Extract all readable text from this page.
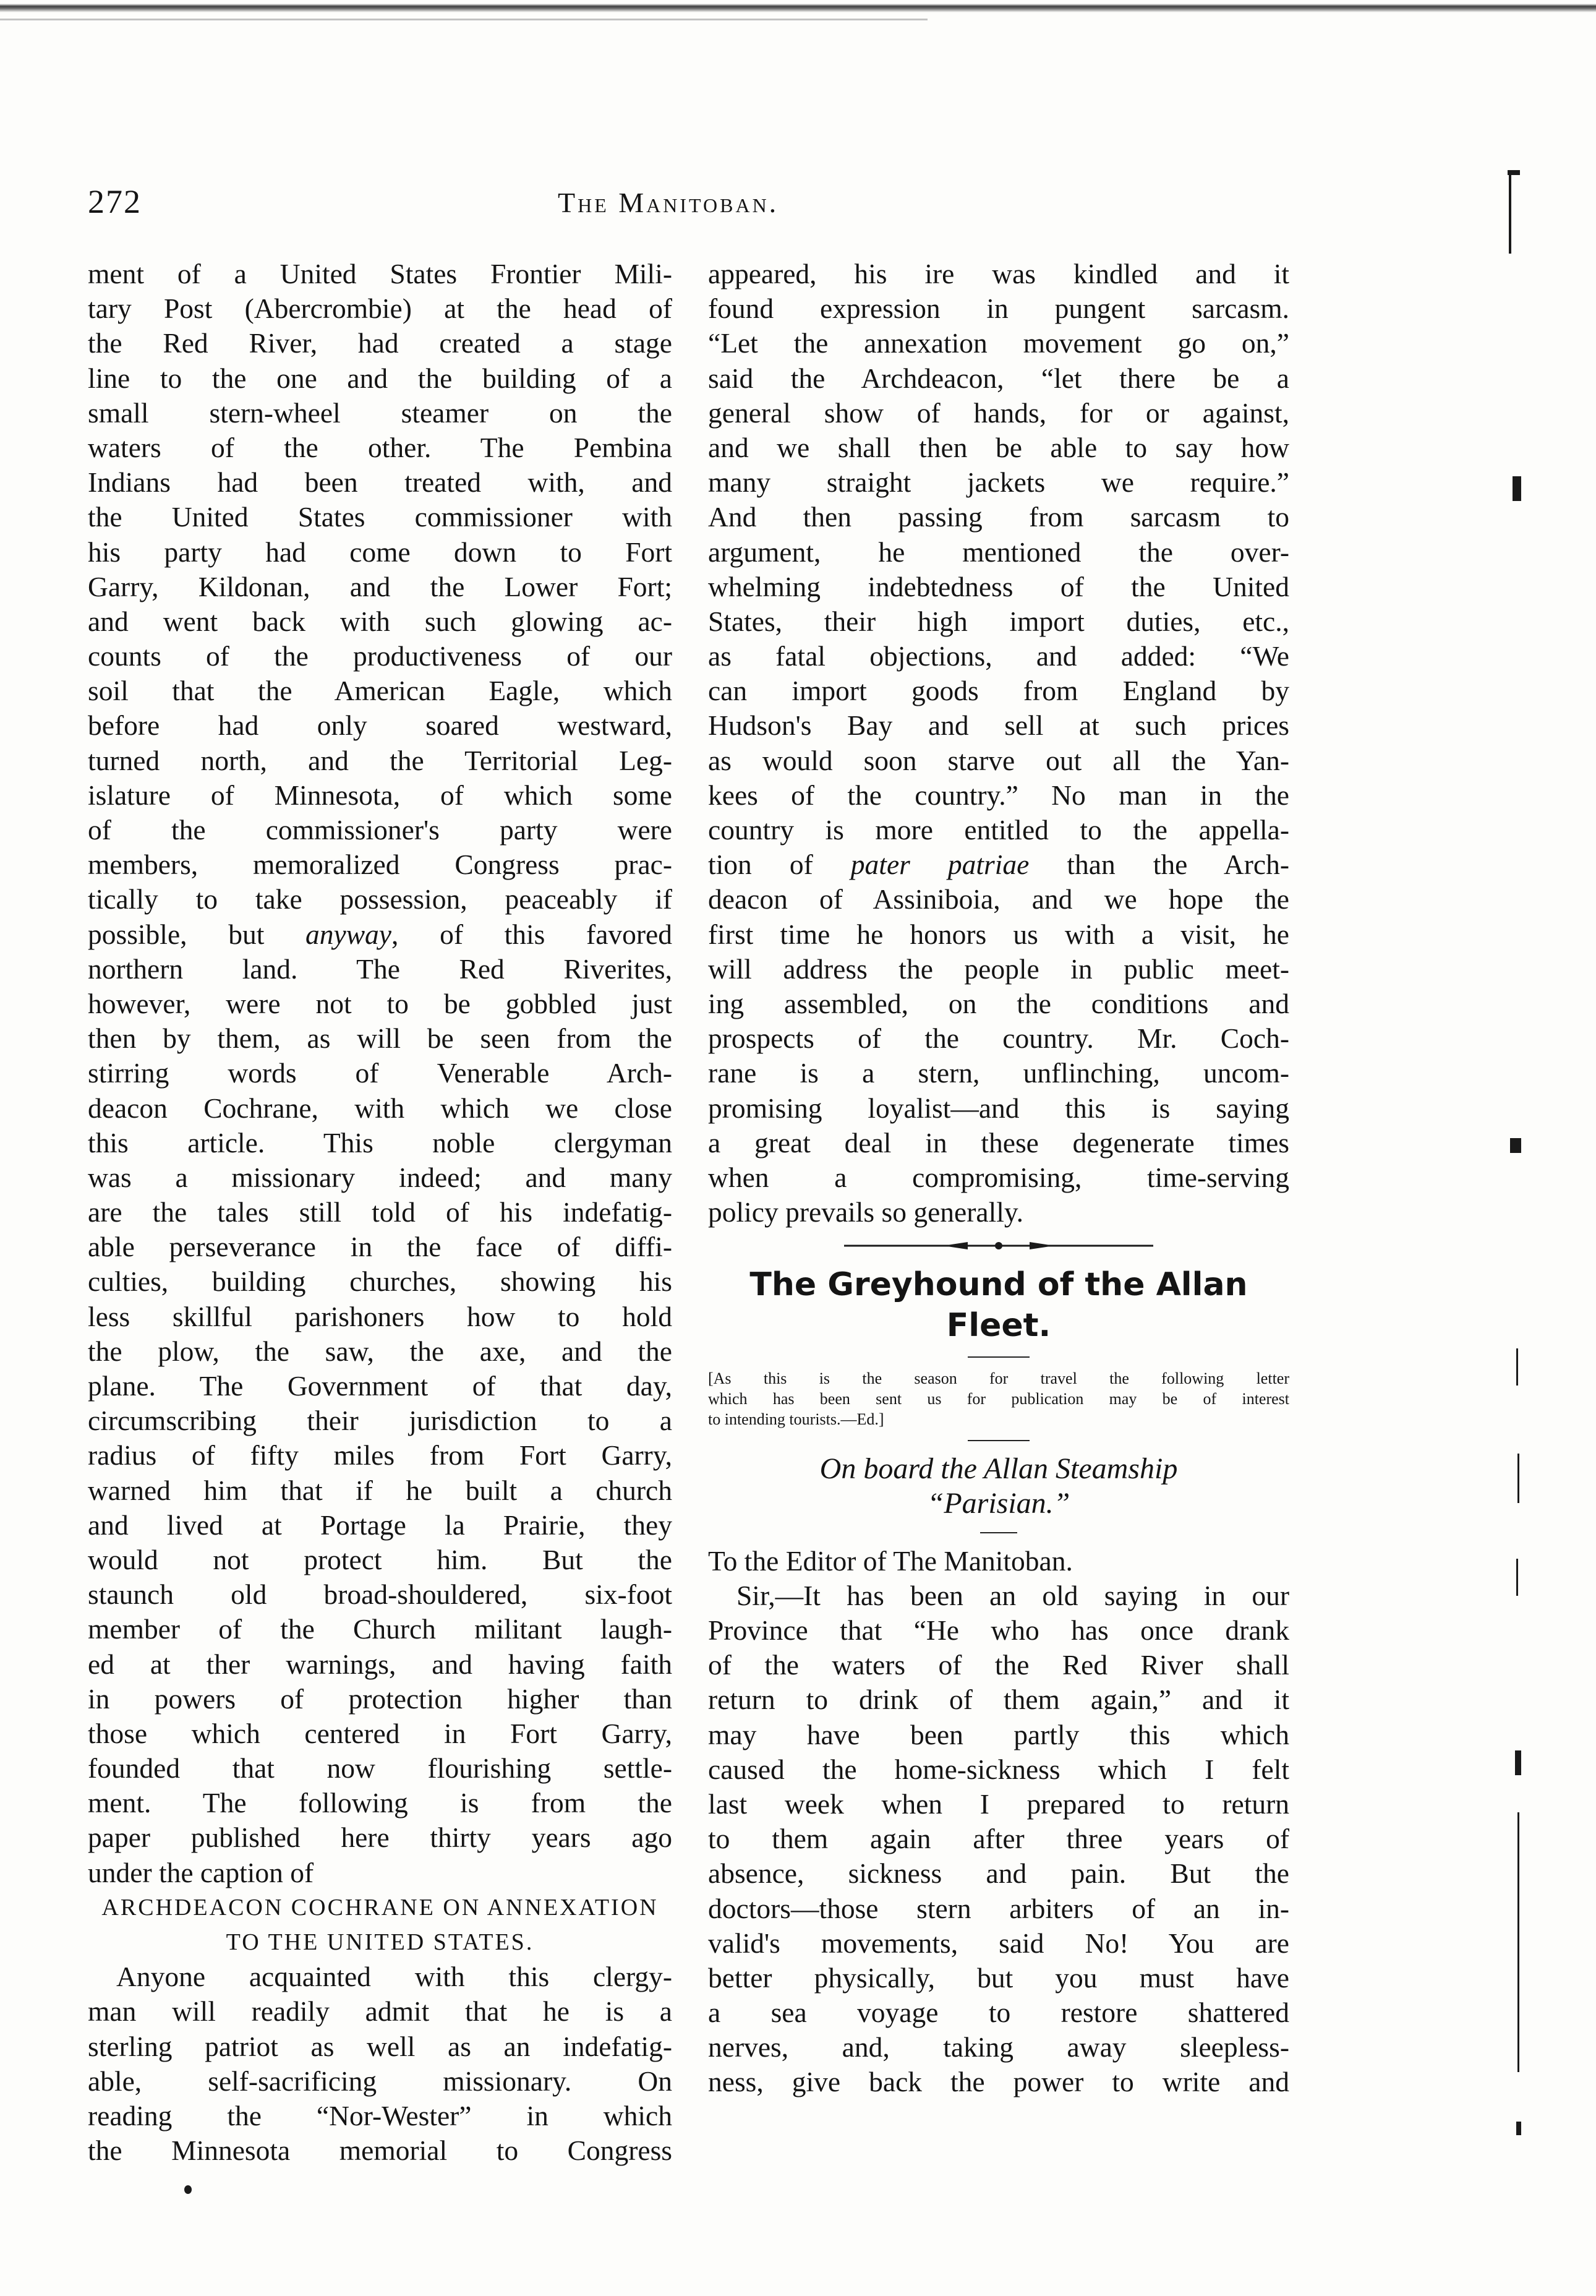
272	The Manitoban.
ment of a United States Frontier Mili-
tary Post (Abercrombie) at the head of
the Red River, had created a stage
line to the one and the building of a
small stern-wheel steamer on the
waters of the other. The Pembina
Indians had been treated with, and
the United States commissioner with
his party had come down to Fort
Garry, Kildonan, and the Lower Fort;
and went back with such glowing ac-
counts of the productiveness of our
soil that the American Eagle, which
before had only soared westward,
turned north, and the Territorial Leg-
islature of Minnesota, of which some
of the commissioner's party were
members, memoralized Congress prac-
tically to take possession, peaceably if
possible, but anyway, of this favored
northern land. The Red Riverites,
however, were not to be gobbled just
then by them, as will be seen from the
stirring words of Venerable Arch-
deacon Cochrane, with which we close
this article. This noble clergyman
was a missionary indeed; and many
are the tales still told of his indefatig-
able perseverance in the face of diffi-
culties, building churches, showing his
less skillful parishoners how to hold
the plow, the saw, the axe, and the
plane. The Government of that day,
circumscribing their jurisdiction to a
radius of fifty miles from Fort Garry,
warned him that if he built a church
and lived at Portage la Prairie, they
would not protect him. But the
staunch old broad-shouldered, six-foot
member of the Church militant laugh-
ed at ther warnings, and having faith
in powers of protection higher than
those which centered in Fort Garry,
founded that now flourishing settle-
ment. The following is from the
paper published here thirty years ago
under the caption of
ARCHDEACON COCHRANE ON ANNEXATION
TO THE UNITED STATES.
Anyone acquainted with this clergy-
man will readily admit that he is a
sterling patriot as well as an indefatig-
able, self-sacrificing missionary. On
reading the “Nor-Wester” in which
the Minnesota memorial to Congress
appeared, his ire was kindled and it
found expression in pungent sarcasm.
“Let the annexation movement go on,”
said the Archdeacon, “let there be a
general show of hands, for or against,
and we shall then be able to say how
many straight jackets we require.”
And then passing from sarcasm to
argument, he mentioned the over-
whelming indebtedness of the United
States, their high import duties, etc.,
as fatal objections, and added: “We
can import goods from England by
Hudson's Bay and sell at such prices
as would soon starve out all the Yan-
kees of the country.” No man in the
country is more entitled to the appella-
tion of pater patriae than the Arch-
deacon of Assiniboia, and we hope the
first time he honors us with a visit, he
will address the people in public meet-
ing assembled, on the conditions and
prospects of the country. Mr. Coch-
rane is a stern, unflinching, uncom-
promising loyalist—and this is saying
a great deal in these degenerate times
when a compromising, time-serving
policy prevails so generally.
The Greyhound of the Allan
Fleet.
[As this is the season for travel the following letter
which has been sent us for publication may be of interest
to intending tourists.—Ed.]
On board the Allan Steamship
“Parisian.”
To the Editor of The Manitoban.
Sir,—It has been an old saying in our
Province that “He who has once drank
of the waters of the Red River shall
return to drink of them again,” and it
may have been partly this which
caused the home-sickness which I felt
last week when I prepared to return
to them again after three years of
absence, sickness and pain. But the
doctors—those stern arbiters of an in-
valid's movements, said No! You are
better physically, but you must have
a sea voyage to restore shattered
nerves, and, taking away sleepless-
ness, give back the power to write and
